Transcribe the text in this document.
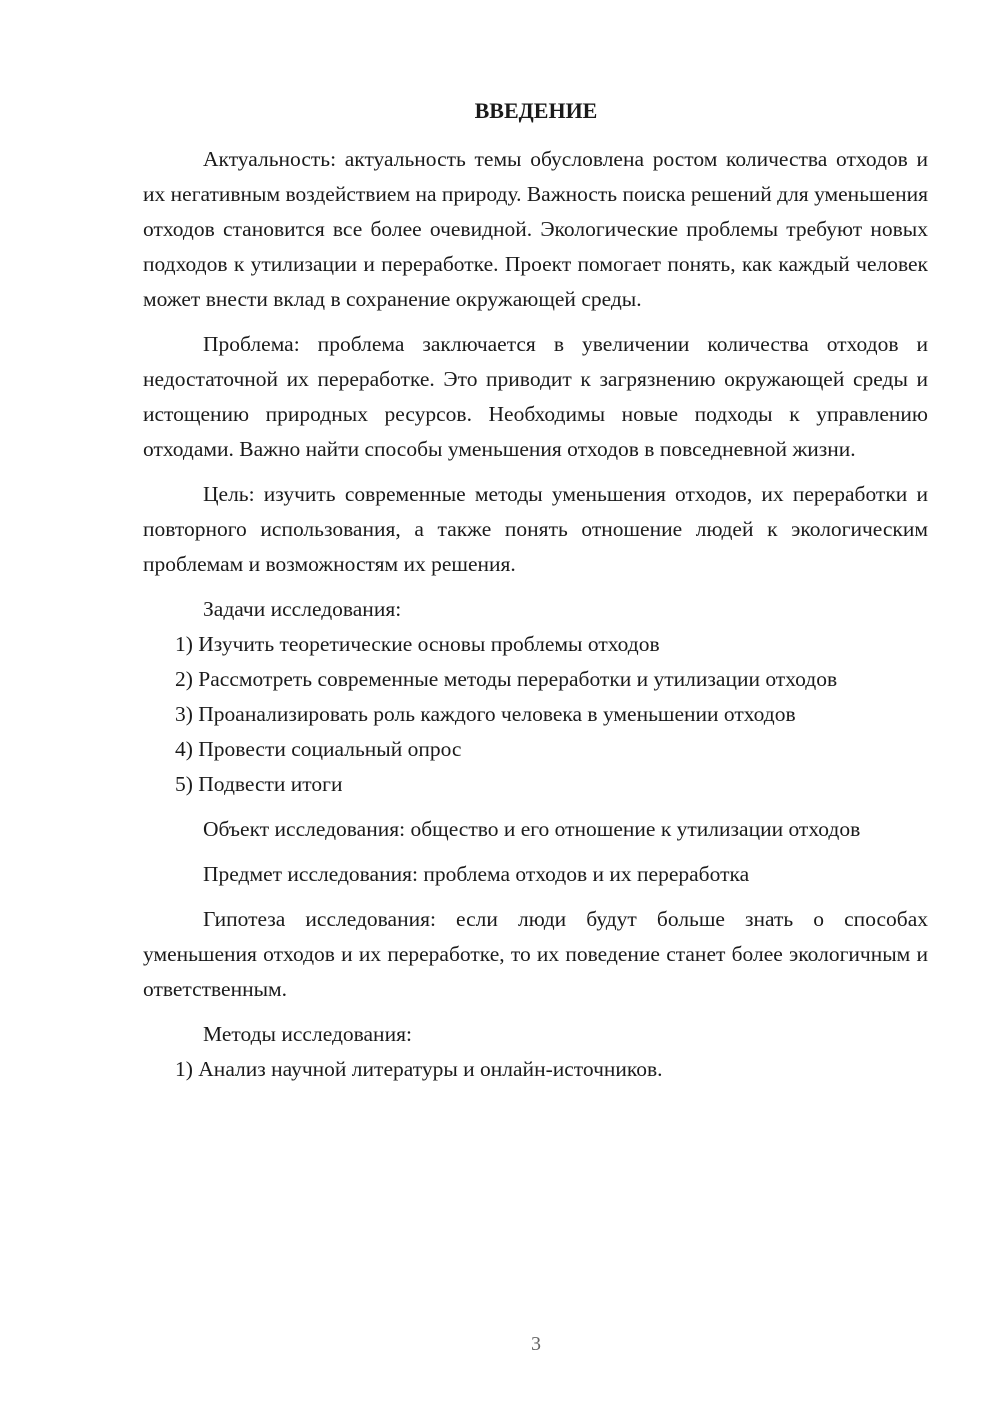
ВВЕДЕНИЕ

Актуальность: актуальность темы обусловлена ростом количества отходов и их негативным воздействием на природу. Важность поиска решений для уменьшения отходов становится все более очевидной. Экологические проблемы требуют новых подходов к утилизации и переработке. Проект помогает понять, как каждый человек может внести вклад в сохранение окружающей среды.

Проблема: проблема заключается в увеличении количества отходов и недостаточной их переработке. Это приводит к загрязнению окружающей среды и истощению природных ресурсов. Необходимы новые подходы к управлению отходами. Важно найти способы уменьшения отходов в повседневной жизни.

Цель: изучить современные методы уменьшения отходов, их переработки и повторного использования, а также понять отношение людей к экологическим проблемам и возможностям их решения.

Задачи исследования:

1) Изучить теоретические основы проблемы отходов

2) Рассмотреть современные методы переработки и утилизации отходов

3) Проанализировать роль каждого человека в уменьшении отходов

4) Провести социальный опрос

5) Подвести итоги

Объект исследования: общество и его отношение к утилизации отходов

Предмет исследования: проблема отходов и их переработка

Гипотеза исследования: если люди будут больше знать о способах уменьшения отходов и их переработке, то их поведение станет более экологичным и ответственным.

Методы исследования:

1) Анализ научной литературы и онлайн-источников.

3
